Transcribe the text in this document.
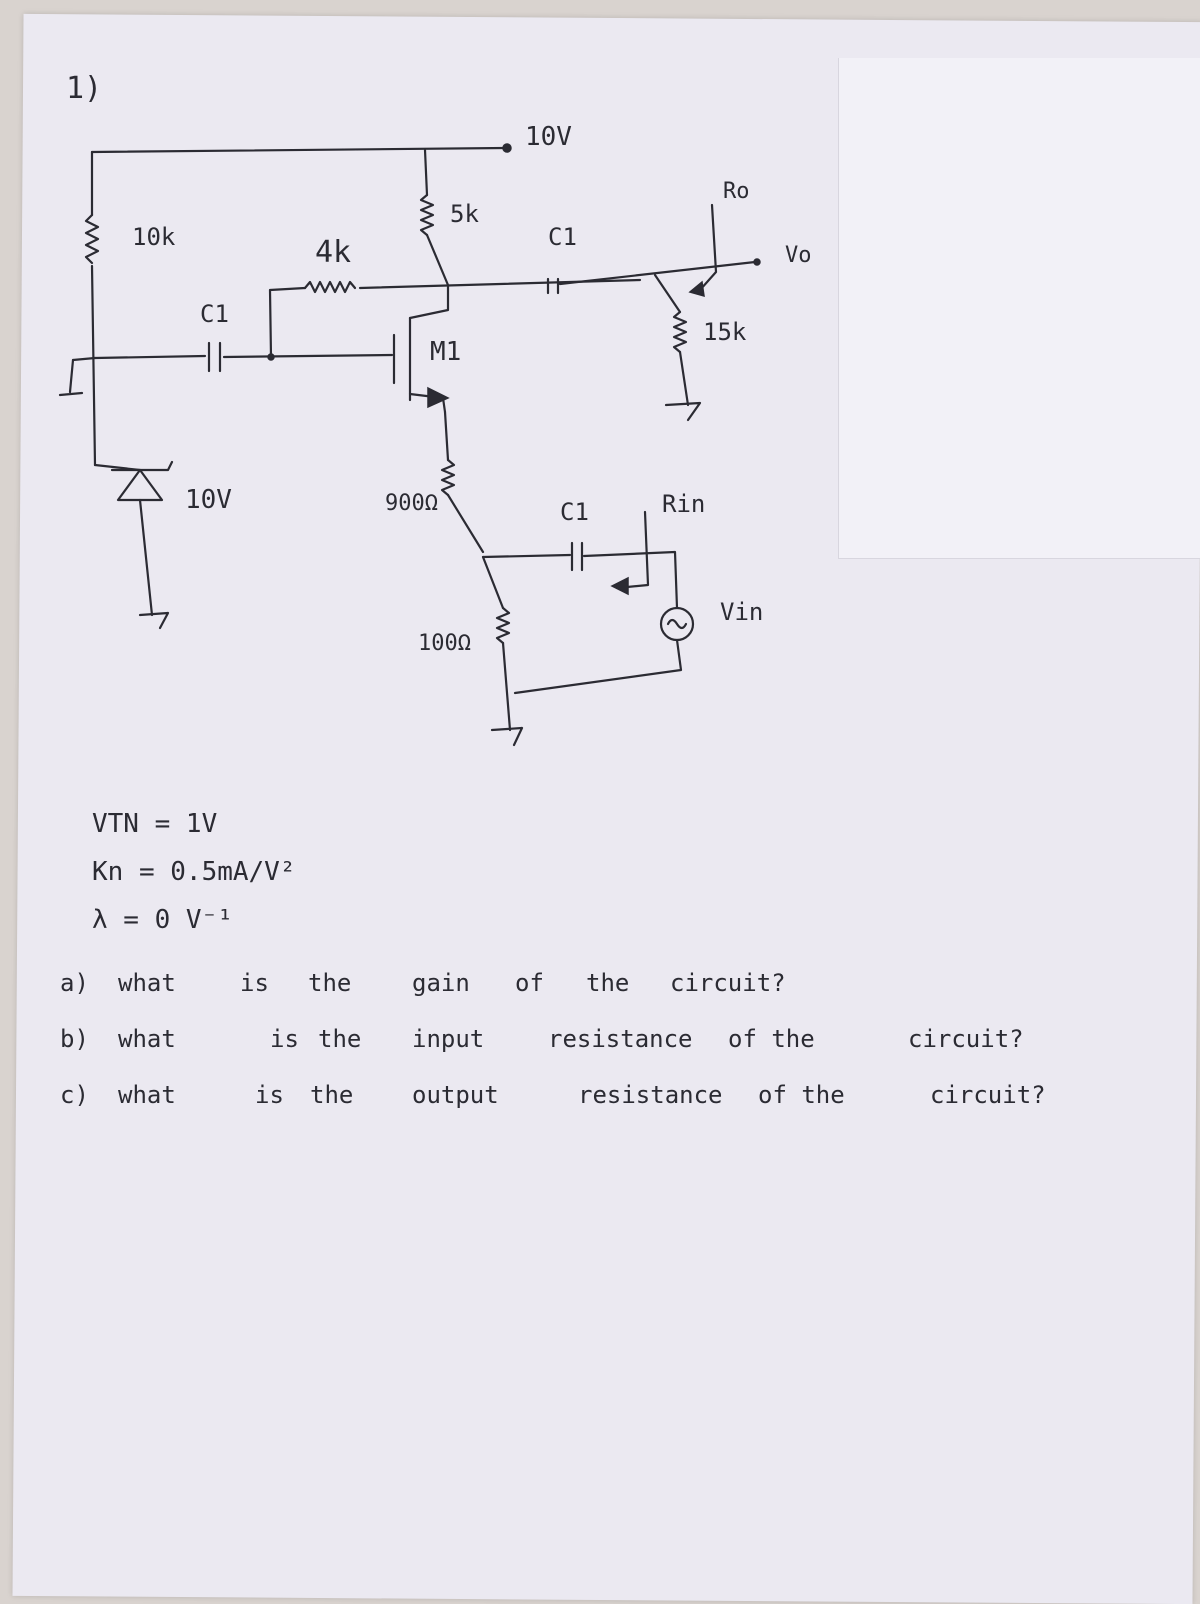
1)
10V
10k
C1
4k
5k
M1
900Ω	C1	Rin
Vin
100Ω
C1
Vo
Ro
15k
10V
VTN = 1V
Kn = 0.5mA/V²
λ = 0 V⁻¹
a) what	is the	gain of the circuit?
b) what	is the input	resistance of the	circuit?
c) what	is the output	resistance of the	circuit?
